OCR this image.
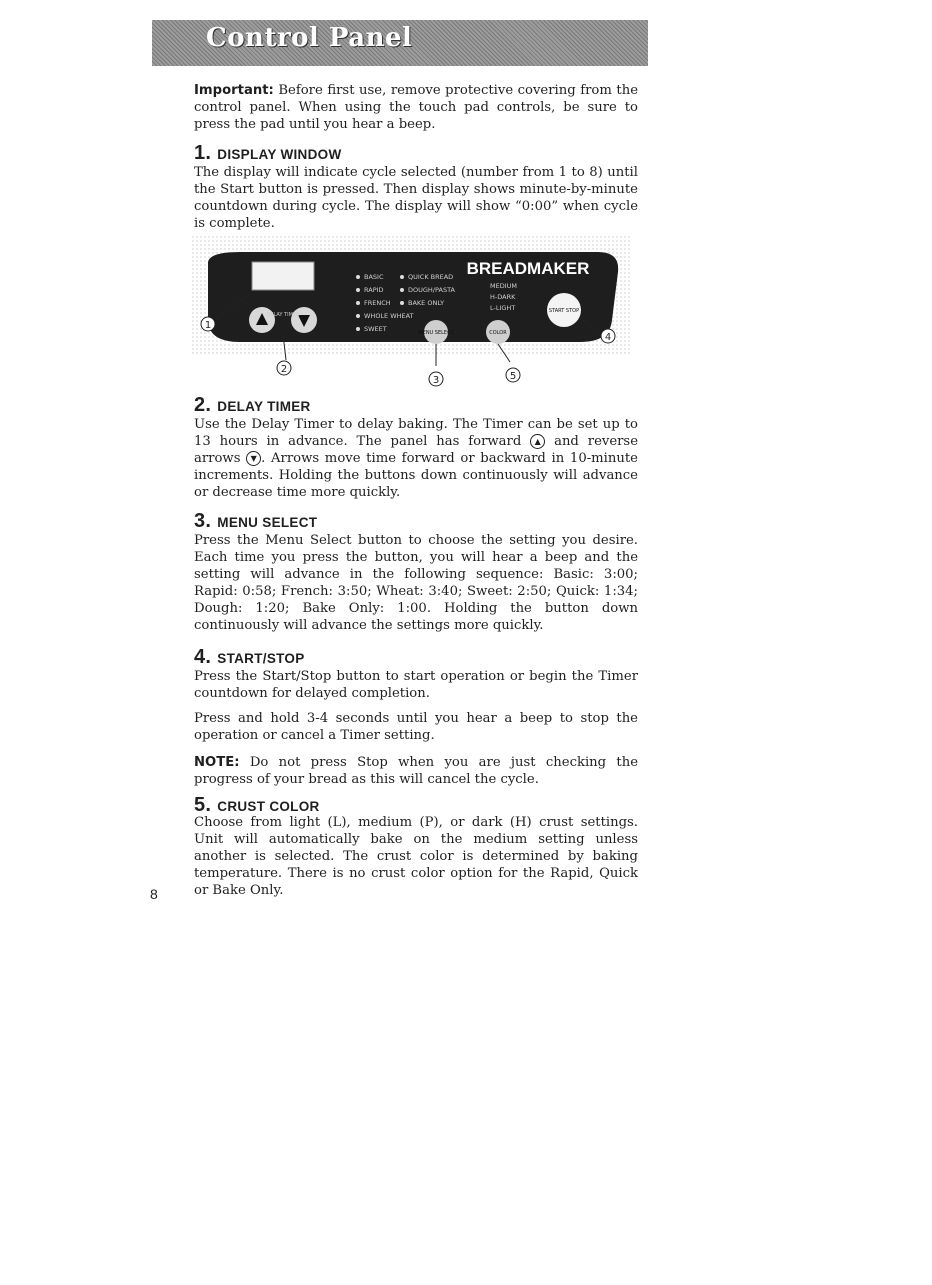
Control Panel

Important: Before first use, remove protective covering from the control panel. When using the touch pad controls, be sure to press the pad until you hear a beep.

1. DISPLAY WINDOW

The display will indicate cycle selected (number from 1 to 8) until the Start button is pressed. Then display shows minute-by-minute countdown during cycle. The display will show “0:00” when cycle is complete.

DELAY TIMER
BASIC
RAPID
FRENCH
WHOLE WHEAT
SWEET
QUICK BREAD
DOUGH/PASTA
BAKE ONLY
BREADMAKER
MEDIUM
H-DARK
L-LIGHT
MENU SELECT	COLOR
START STOP
1
2
3
4
5

2. DELAY TIMER

Use the Delay Timer to delay baking. The Timer can be set up to 13 hours in advance. The panel has forward ▲ and reverse arrows ▼ . Arrows move time forward or backward in 10-minute increments. Holding the buttons down continuously will advance or decrease time more quickly.

3. MENU SELECT

Press the Menu Select button to choose the setting you desire. Each time you press the button, you will hear a beep and the setting will advance in the following sequence: Basic: 3:00; Rapid: 0:58; French: 3:50; Wheat: 3:40; Sweet: 2:50; Quick: 1:34; Dough: 1:20; Bake Only: 1:00. Holding the button down continuously will advance the settings more quickly.

4. START/STOP

Press the Start/Stop button to start operation or begin the Timer countdown for delayed completion.

Press and hold 3-4 seconds until you hear a beep to stop the operation or cancel a Timer setting.

NOTE: Do not press Stop when you are just checking the progress of your bread as this will cancel the cycle.

5. CRUST COLOR

Choose from light (L), medium (P), or dark (H) crust settings. Unit will automatically bake on the medium setting unless another is selected. The crust color is determined by baking temperature. There is no crust color option for the Rapid, Quick or Bake Only.

8
